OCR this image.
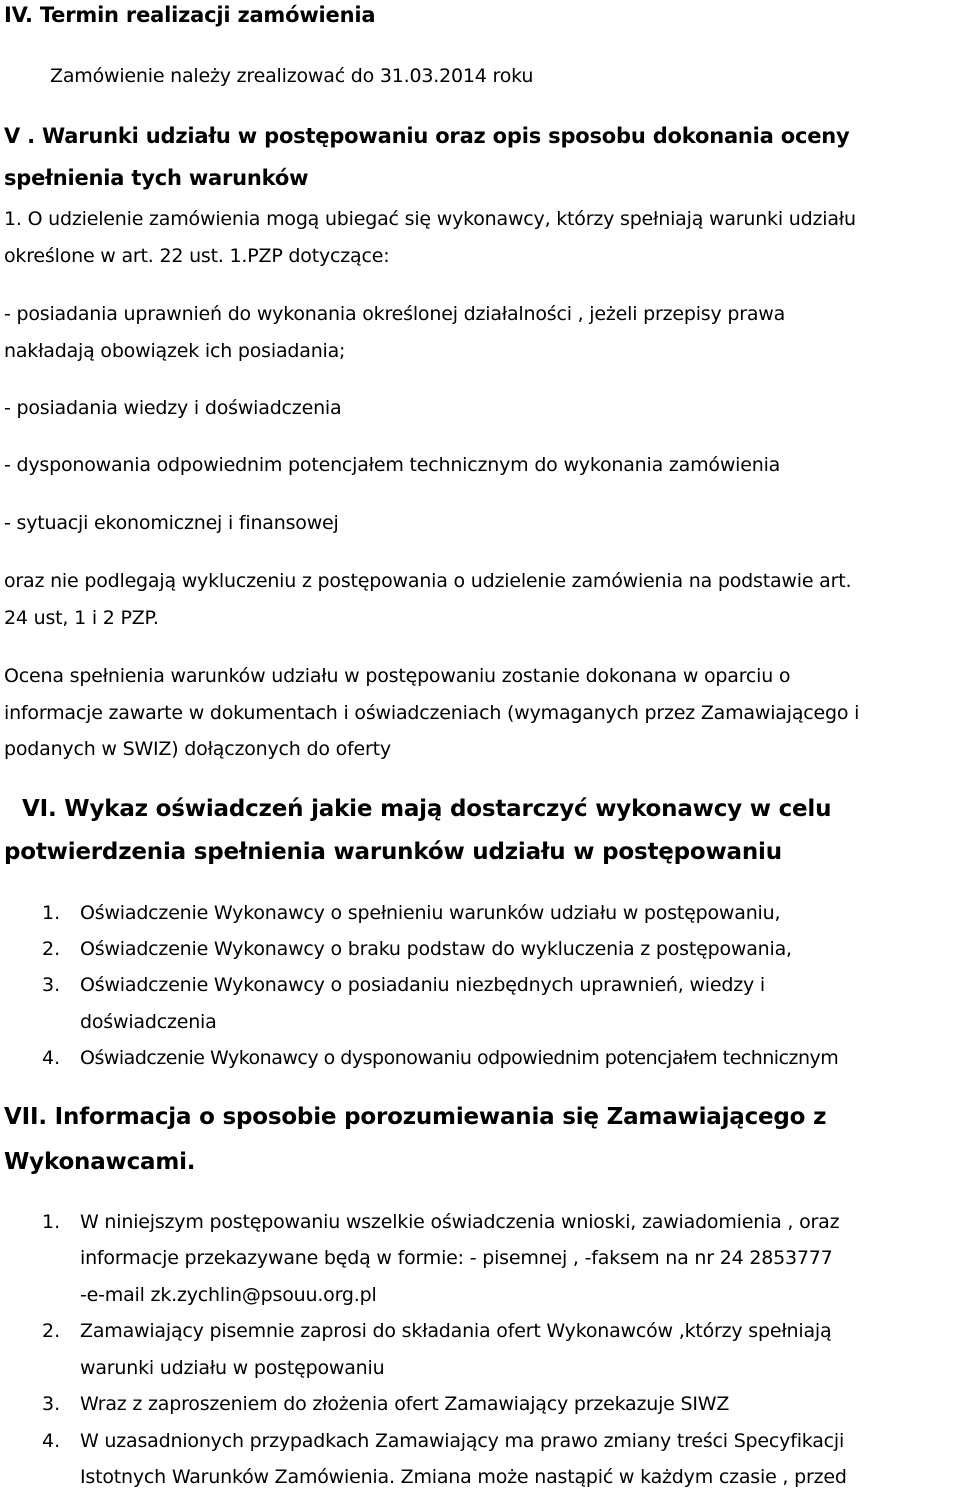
IV. Termin realizacji zamówienia
Zamówienie należy zrealizować do 31.03.2014 roku
V . Warunki udziału w postępowaniu oraz opis sposobu dokonania oceny
spełnienia tych warunków
1. O udzielenie zamówienia mogą ubiegać się wykonawcy, którzy spełniają warunki udziału
określone w art. 22 ust. 1.PZP dotyczące:
- posiadania uprawnień do wykonania określonej działalności , jeżeli przepisy prawa
nakładają obowiązek ich posiadania;
- posiadania wiedzy i doświadczenia
- dysponowania odpowiednim potencjałem technicznym do wykonania zamówienia
- sytuacji ekonomicznej i finansowej
oraz nie podlegają wykluczeniu z postępowania o udzielenie zamówienia na podstawie art.
24 ust, 1 i 2 PZP.
Ocena spełnienia warunków udziału w postępowaniu zostanie dokonana w oparciu o
informacje zawarte w dokumentach i oświadczeniach (wymaganych przez Zamawiającego i
podanych w SWIZ) dołączonych do oferty
VI. Wykaz oświadczeń jakie mają dostarczyć wykonawcy w celu
potwierdzenia spełnienia warunków udziału w postępowaniu
1. Oświadczenie Wykonawcy o spełnieniu warunków udziału w postępowaniu,
2. Oświadczenie Wykonawcy o braku podstaw do wykluczenia z postępowania,
3. Oświadczenie Wykonawcy o posiadaniu niezbędnych uprawnień, wiedzy i
doświadczenia
4. Oświadczenie Wykonawcy o dysponowaniu odpowiednim potencjałem technicznym
VII. Informacja o sposobie porozumiewania się Zamawiającego z
Wykonawcami.
1. W niniejszym postępowaniu wszelkie oświadczenia wnioski, zawiadomienia , oraz
informacje przekazywane będą w formie: - pisemnej , -faksem na nr 24 2853777
-e-mail zk.zychlin@psouu.org.pl
2. Zamawiający pisemnie zaprosi do składania ofert Wykonawców ,którzy spełniają
warunki udziału w postępowaniu
3. Wraz z zaproszeniem do złożenia ofert Zamawiający przekazuje SIWZ
4. W uzasadnionych przypadkach Zamawiający ma prawo zmiany treści Specyfikacji
Istotnych Warunków Zamówienia. Zmiana może nastąpić w każdym czasie , przed
